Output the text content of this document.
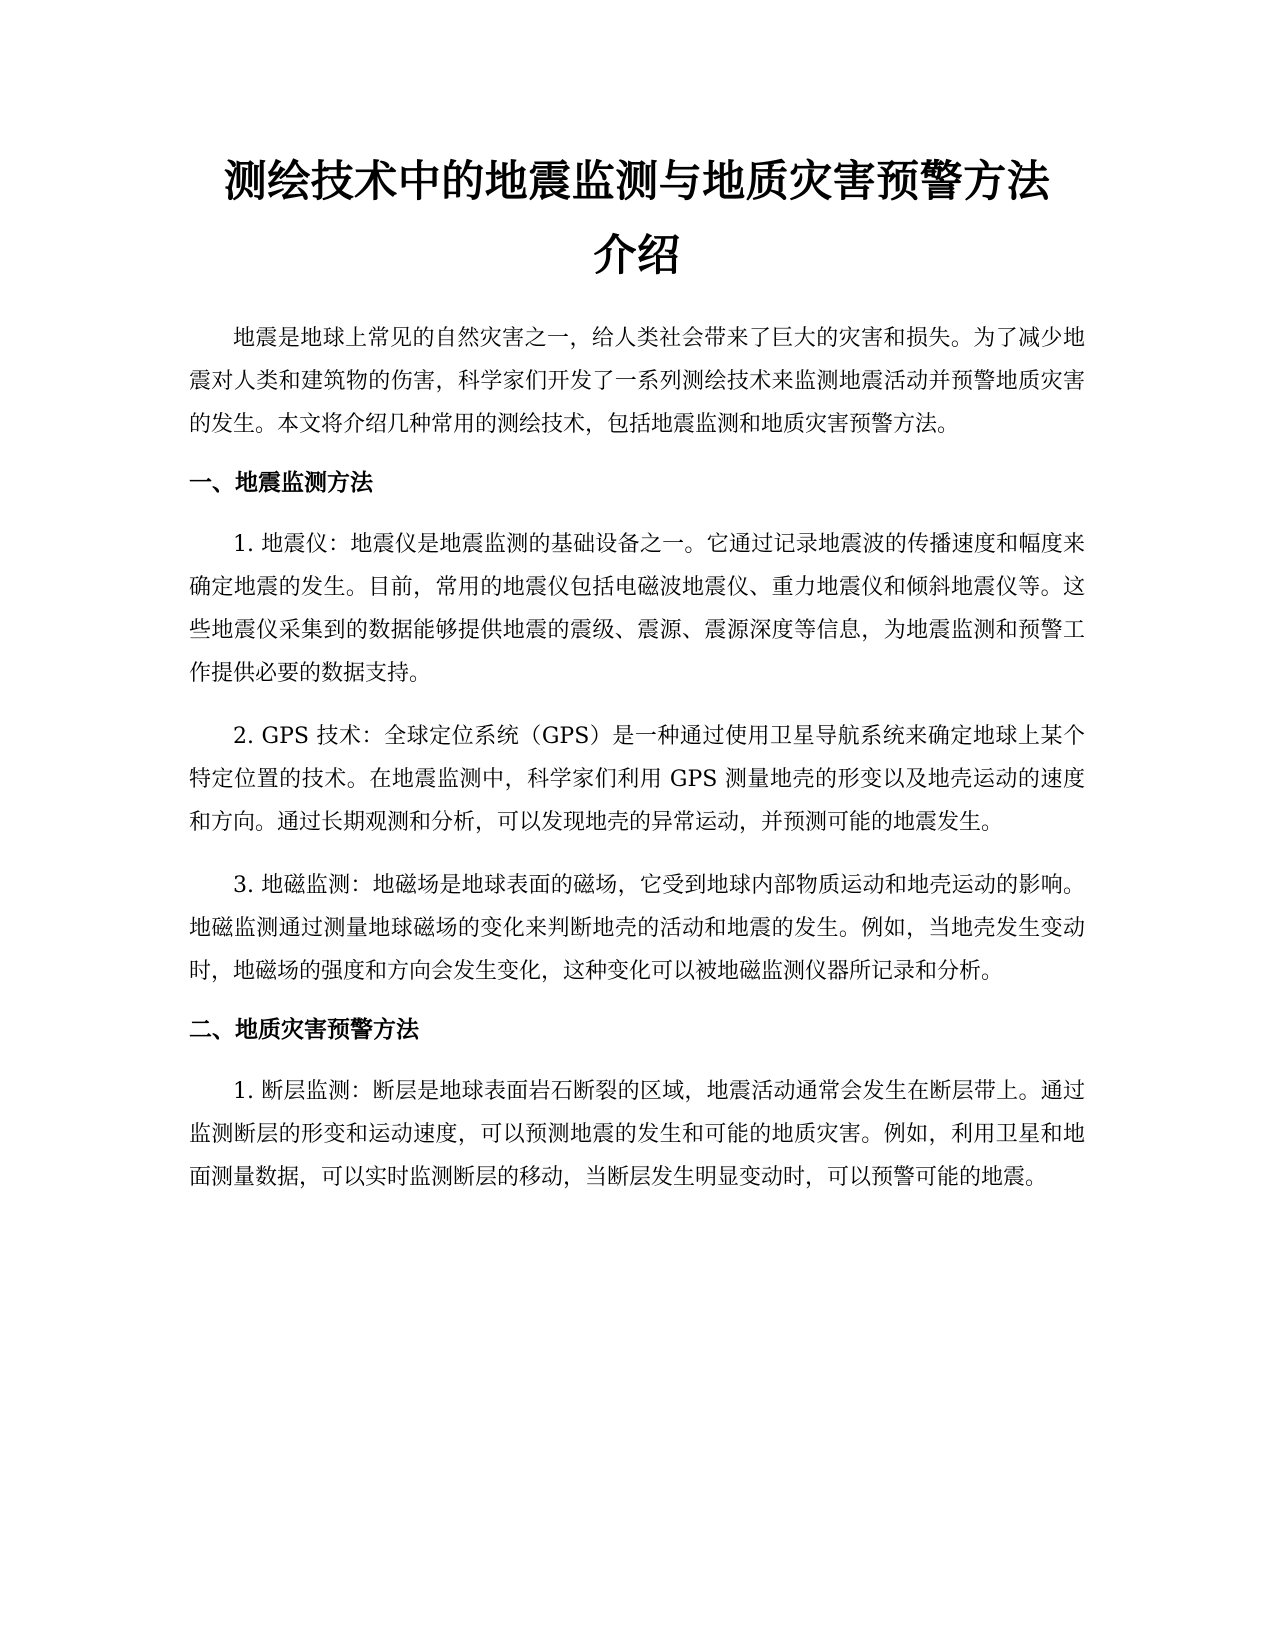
测绘技术中的地震监测与地质灾害预警方法
介绍

地震是地球上常见的自然灾害之一，给人类社会带来了巨大的灾害和损失。为了减少地震对人类和建筑物的伤害，科学家们开发了一系列测绘技术来监测地震活动并预警地质灾害的发生。本文将介绍几种常用的测绘技术，包括地震监测和地质灾害预警方法。

一、地震监测方法

1. 地震仪：地震仪是地震监测的基础设备之一。它通过记录地震波的传播速度和幅度来确定地震的发生。目前，常用的地震仪包括电磁波地震仪、重力地震仪和倾斜地震仪等。这些地震仪采集到的数据能够提供地震的震级、震源、震源深度等信息，为地震监测和预警工作提供必要的数据支持。

2. GPS 技术：全球定位系统（GPS）是一种通过使用卫星导航系统来确定地球上某个特定位置的技术。在地震监测中，科学家们利用 GPS 测量地壳的形变以及地壳运动的速度和方向。通过长期观测和分析，可以发现地壳的异常运动，并预测可能的地震发生。

3. 地磁监测：地磁场是地球表面的磁场，它受到地球内部物质运动和地壳运动的影响。地磁监测通过测量地球磁场的变化来判断地壳的活动和地震的发生。例如，当地壳发生变动时，地磁场的强度和方向会发生变化，这种变化可以被地磁监测仪器所记录和分析。

二、地质灾害预警方法

1. 断层监测：断层是地球表面岩石断裂的区域，地震活动通常会发生在断层带上。通过监测断层的形变和运动速度，可以预测地震的发生和可能的地质灾害。例如，利用卫星和地面测量数据，可以实时监测断层的移动，当断层发生明显变动时，可以预警可能的地震。
